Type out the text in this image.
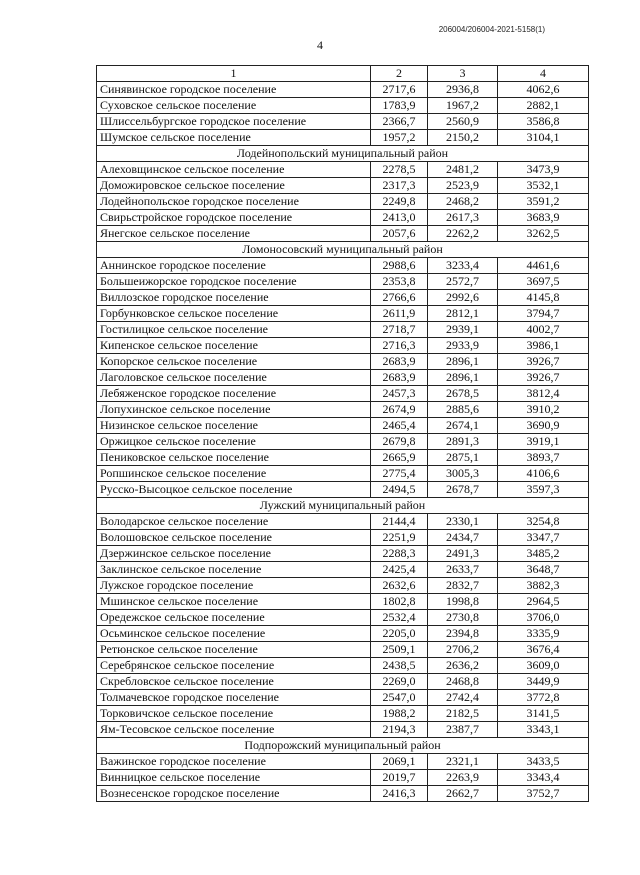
206004/206004-2021-5158(1)
4
1	2	3	4
Синявинское городское поселение	2717,6	2936,8	4062,6
Суховское сельское поселение	1783,9	1967,2	2882,1
Шлиссельбургское городское поселение	2366,7	2560,9	3586,8
Шумское сельское поселение	1957,2	2150,2	3104,1
Лодейнопольский муниципальный район			
Алеховщинское сельское поселение	2278,5	2481,2	3473,9
Доможировское сельское поселение	2317,3	2523,9	3532,1
Лодейнопольское городское поселение	2249,8	2468,2	3591,2
Свирьстройское городское поселение	2413,0	2617,3	3683,9
Янегское сельское поселение	2057,6	2262,2	3262,5
Ломоносовский муниципальный район			
Аннинское городское поселение	2988,6	3233,4	4461,6
Большеижорское городское поселение	2353,8	2572,7	3697,5
Виллозское городское поселение	2766,6	2992,6	4145,8
Горбунковское сельское поселение	2611,9	2812,1	3794,7
Гостилицкое сельское поселение	2718,7	2939,1	4002,7
Кипенское сельское поселение	2716,3	2933,9	3986,1
Копорское сельское поселение	2683,9	2896,1	3926,7
Лаголовское сельское поселение	2683,9	2896,1	3926,7
Лебяженское городское поселение	2457,3	2678,5	3812,4
Лопухинское сельское поселение	2674,9	2885,6	3910,2
Низинское сельское поселение	2465,4	2674,1	3690,9
Оржицкое сельское поселение	2679,8	2891,3	3919,1
Пениковское сельское поселение	2665,9	2875,1	3893,7
Ропшинское сельское поселение	2775,4	3005,3	4106,6
Русско-Высоцкое сельское поселение	2494,5	2678,7	3597,3
Лужский муниципальный район			
Володарское сельское поселение	2144,4	2330,1	3254,8
Волошовское сельское поселение	2251,9	2434,7	3347,7
Дзержинское сельское поселение	2288,3	2491,3	3485,2
Заклинское сельское поселение	2425,4	2633,7	3648,7
Лужское городское поселение	2632,6	2832,7	3882,3
Мшинское сельское поселение	1802,8	1998,8	2964,5
Оредежское сельское поселение	2532,4	2730,8	3706,0
Осьминское сельское поселение	2205,0	2394,8	3335,9
Ретюнское сельское поселение	2509,1	2706,2	3676,4
Серебрянское сельское поселение	2438,5	2636,2	3609,0
Скребловское сельское поселение	2269,0	2468,8	3449,9
Толмачевское городское поселение	2547,0	2742,4	3772,8
Торковичское сельское поселение	1988,2	2182,5	3141,5
Ям-Тесовское сельское поселение	2194,3	2387,7	3343,1
Подпорожский муниципальный район			
Важинское городское поселение	2069,1	2321,1	3433,5
Винницкое сельское поселение	2019,7	2263,9	3343,4
Вознесенское городское поселение	2416,3	2662,7	3752,7
